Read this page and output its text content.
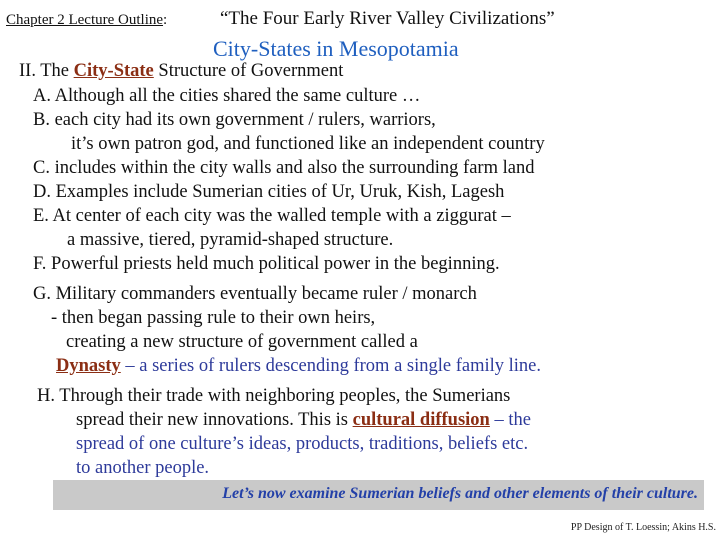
Chapter 2 Lecture Outline:	“The Four Early River Valley Civilizations”
City-States in Mesopotamia
II. The City-State Structure of Government
A. Although all the cities shared the same culture …
B. each city had its own government / rulers, warriors,
it’s own patron god, and functioned like an independent country
C. includes within the city walls and also the surrounding farm land
D. Examples include Sumerian cities of Ur, Uruk, Kish, Lagesh
E. At center of each city was the walled temple with a ziggurat –
a massive, tiered, pyramid-shaped structure.
F. Powerful priests held much political power in the beginning.
G. Military commanders eventually became ruler / monarch
- then began passing rule to their own heirs,
creating a new structure of government called a
Dynasty – a series of rulers descending from a single family line.
H. Through their trade with neighboring peoples, the Sumerians
spread their new innovations. This is cultural diffusion – the
spread of one culture’s ideas, products, traditions, beliefs etc.
to another people.
Let’s now examine Sumerian beliefs and other elements of their culture.
PP Design of T. Loessin; Akins H.S.
